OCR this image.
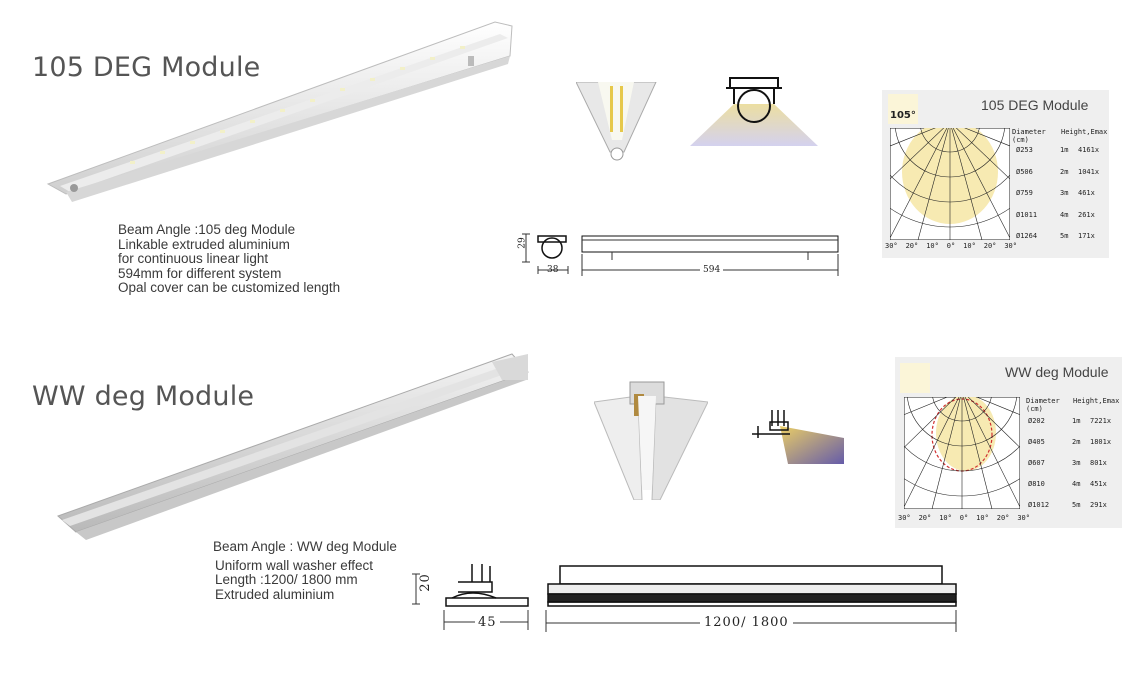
105 DEG Module
Beam Angle :105 deg Module
Linkable extruded aluminium
for continuous linear light
594mm for different system
Opal cover can be customized length
29
38	594
105°
105 DEG Module
Diameter
(cm)
Height,Emax
Ø253	1m 4161x
Ø506	2m 1041x
Ø759	3m 461x
Ø1011	4m 261x
Ø1264	5m 171x
30° 20° 10° 0° 10° 20° 30°
WW deg Module
Beam Angle : WW deg Module
Uniform wall washer effect
Length :1200/ 1800 mm
Extruded aluminium
20
45	1200/ 1800
WW deg Module
Diameter
(cm)
Height,Emax
Ø202	1m 7221x
Ø405	2m 1801x
Ø607	3m 801x
Ø810	4m 451x
Ø1012	5m 291x
30° 20° 10° 0° 10° 20° 30°
